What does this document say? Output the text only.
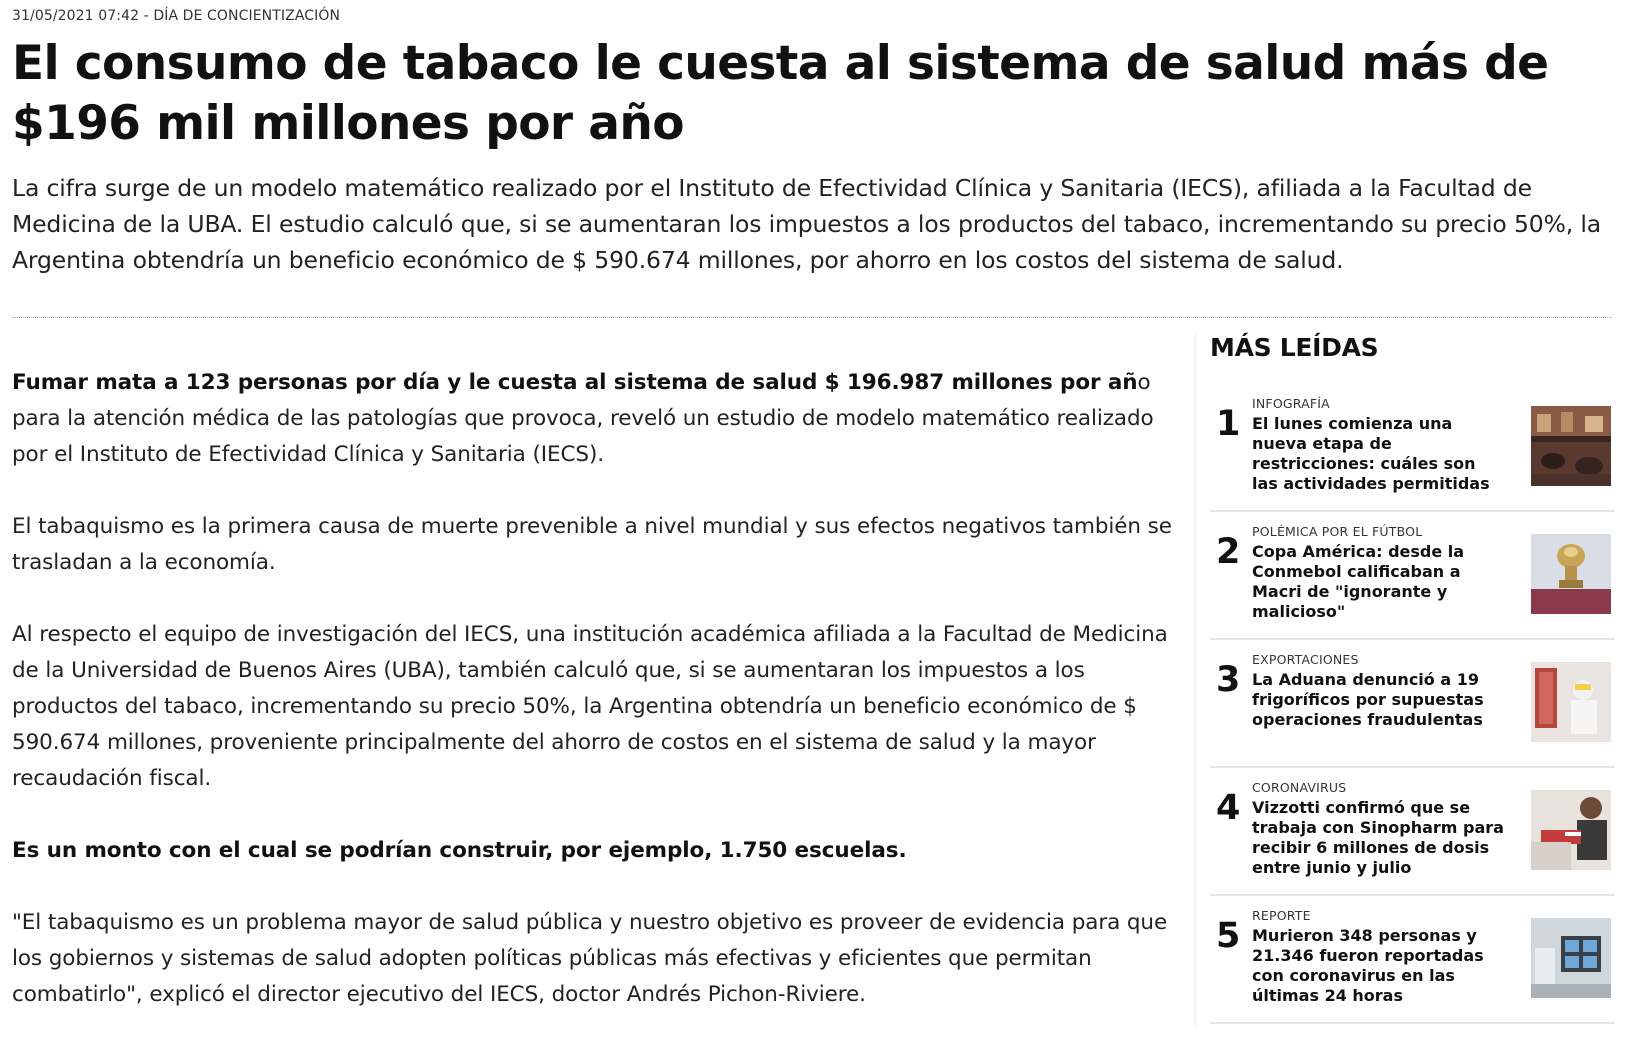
31/05/2021 07:42 - DÍA DE CONCIENTIZACIÓN
El consumo de tabaco le cuesta al sistema de salud más de $196 mil millones por año

La cifra surge de un modelo matemático realizado por el Instituto de Efectividad Clínica y Sanitaria (IECS), afiliada a la Facultad de Medicina de la UBA. El estudio calculó que, si se aumentaran los impuestos a los productos del tabaco, incrementando su precio 50%, la Argentina obtendría un beneficio económico de $ 590.674 millones, por ahorro en los costos del sistema de salud.

Fumar mata a 123 personas por día y le cuesta al sistema de salud $ 196.987 millones por año para la atención médica de las patologías que provoca, reveló un estudio de modelo matemático realizado por el Instituto de Efectividad Clínica y Sanitaria (IECS).

El tabaquismo es la primera causa de muerte prevenible a nivel mundial y sus efectos negativos también se trasladan a la economía.

Al respecto el equipo de investigación del IECS, una institución académica afiliada a la Facultad de Medicina de la Universidad de Buenos Aires (UBA), también calculó que, si se aumentaran los impuestos a los productos del tabaco, incrementando su precio 50%, la Argentina obtendría un beneficio económico de $ 590.674 millones, proveniente principalmente del ahorro de costos en el sistema de salud y la mayor recaudación fiscal.

Es un monto con el cual se podrían construir, por ejemplo, 1.750 escuelas.

"El tabaquismo es un problema mayor de salud pública y nuestro objetivo es proveer de evidencia para que los gobiernos y sistemas de salud adopten políticas públicas más efectivas y eficientes que permitan combatirlo", explicó el director ejecutivo del IECS, doctor Andrés Pichon-Riviere.

MÁS LEÍDAS
1
INFOGRAFÍA
El lunes comienza una nueva etapa de restricciones: cuáles son las actividades permitidas
2
POLÉMICA POR EL FÚTBOL
Copa América: desde la Conmebol calificaban a Macri de "ignorante y malicioso"
3
EXPORTACIONES
La Aduana denunció a 19 frigoríficos por supuestas operaciones fraudulentas
4
CORONAVIRUS
Vizzotti confirmó que se trabaja con Sinopharm para recibir 6 millones de dosis entre junio y julio
5
REPORTE
Murieron 348 personas y 21.346 fueron reportadas con coronavirus en las últimas 24 horas
